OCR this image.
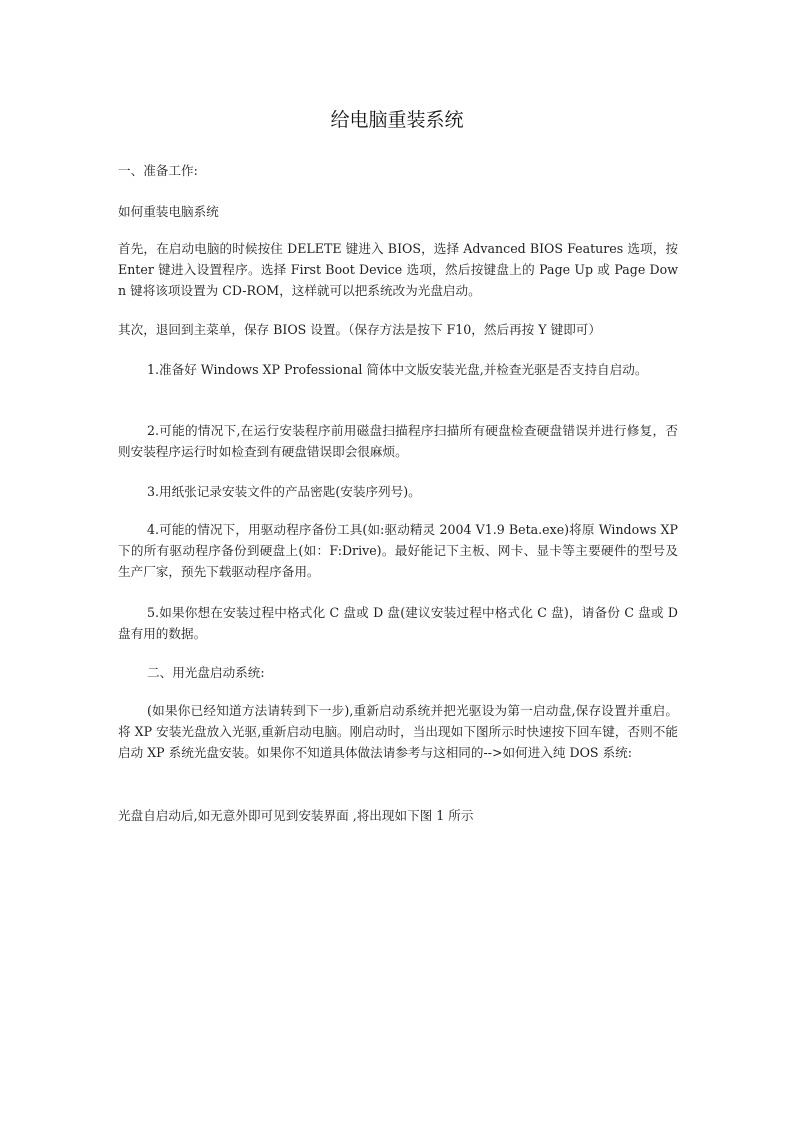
给电脑重装系统

一、准备工作:

如何重装电脑系统

首先，在启动电脑的时候按住 DELETE 键进入 BIOS，选择 Advanced BIOS Features 选项，按 Enter 键进入设置程序。选择 First Boot Device 选项，然后按键盘上的 Page Up 或 Page Down 键将该项设置为 CD-ROM，这样就可以把系统改为光盘启动。

其次，退回到主菜单，保存 BIOS 设置。（保存方法是按下 F10，然后再按 Y 键即可）

1.准备好 Windows XP Professional 简体中文版安装光盘,并检查光驱是否支持自启动。

2.可能的情况下,在运行安装程序前用磁盘扫描程序扫描所有硬盘检查硬盘错误并进行修复，否则安装程序运行时如检查到有硬盘错误即会很麻烦。

3.用纸张记录安装文件的产品密匙(安装序列号)。

4.可能的情况下，用驱动程序备份工具(如:驱动精灵 2004 V1.9 Beta.exe)将原 Windows XP 下的所有驱动程序备份到硬盘上(如：F:Drive)。最好能记下主板、网卡、显卡等主要硬件的型号及生产厂家，预先下载驱动程序备用。

5.如果你想在安装过程中格式化 C 盘或 D 盘(建议安装过程中格式化 C 盘)，请备份 C 盘或 D 盘有用的数据。

二、用光盘启动系统:

(如果你已经知道方法请转到下一步),重新启动系统并把光驱设为第一启动盘,保存设置并重启。将 XP 安装光盘放入光驱,重新启动电脑。刚启动时，当出现如下图所示时快速按下回车键，否则不能启动 XP 系统光盘安装。如果你不知道具体做法请参考与这相同的-->如何进入纯 DOS 系统:

光盘自启动后,如无意外即可见到安装界面 ,将出现如下图 1 所示
